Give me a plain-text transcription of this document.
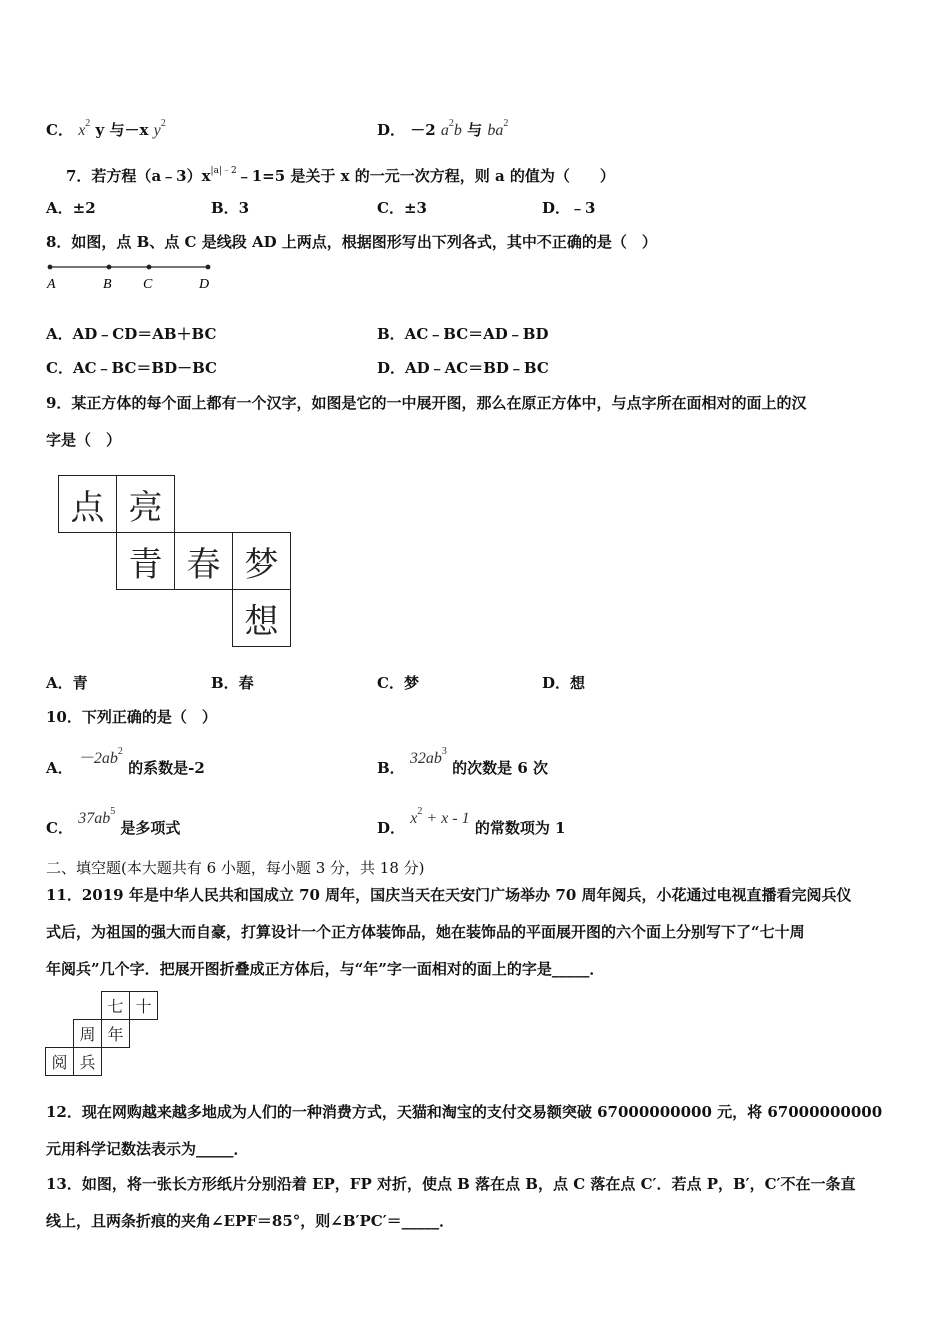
C． $x^2$ y 与－x $y^2$	D． －2 $a^2b$ 与 $ba^2$
7．若方程$(a﹣3)x^{|a|﹣2}﹣1=5$ 是关于 x 的一元一次方程，则 a 的值为（　　）
A．±2	B．3	C．±3	D．﹣3
8．如图，点 B、点 C 是线段 AD 上两点，根据图形写出下列各式，其中不正确的是（　）
A	B C	D
A．AD﹣CD＝AB＋BC	B．AC﹣BC＝AD﹣BD
C．AC﹣BC＝BD－BC	D．AD﹣AC＝BD﹣BC
9．某正方体的每个面上都有一个汉字，如图是它的一中展开图，那么在原正方体中，与点字所在面相对的面上的汉
字是（　）
点	亮		
	青	春	梦
			想
A．青	B．春	C．梦	D．想
10．下列正确的是（　）
A． $-2ab^2$ 的系数是-2	B． $32ab^3$ 的次数是 6 次
C． $37ab^5$ 是多项式	D． $x^2 + x - 1$ 的常数项为 1
二、填空题(本大题共有 6 小题，每小题 3 分，共 18 分)
11．2019 年是中华人民共和国成立 70 周年，国庆当天在天安门广场举办 70 周年阅兵，小花通过电视直播看完阅兵仪
式后，为祖国的强大而自豪，打算设计一个正方体装饰品，她在装饰品的平面展开图的六个面上分别写下了“七十周
年阅兵”几个字．把展开图折叠成正方体后，与“年”字一面相对的面上的字是_____．
		七	十
	周	年	
阅	兵		
12．现在网购越来越多地成为人们的一种消费方式，天猫和淘宝的支付交易额突破 67000000000 元，将 67000000000
元用科学记数法表示为_____．
13．如图，将一张长方形纸片分别沿着 EP，FP 对折，使点 B 落在点 B，点 C 落在点 C′．若点 P，B′，C′不在一条直
线上，且两条折痕的夹角∠EPF＝85°，则∠B′PC′＝_____．
